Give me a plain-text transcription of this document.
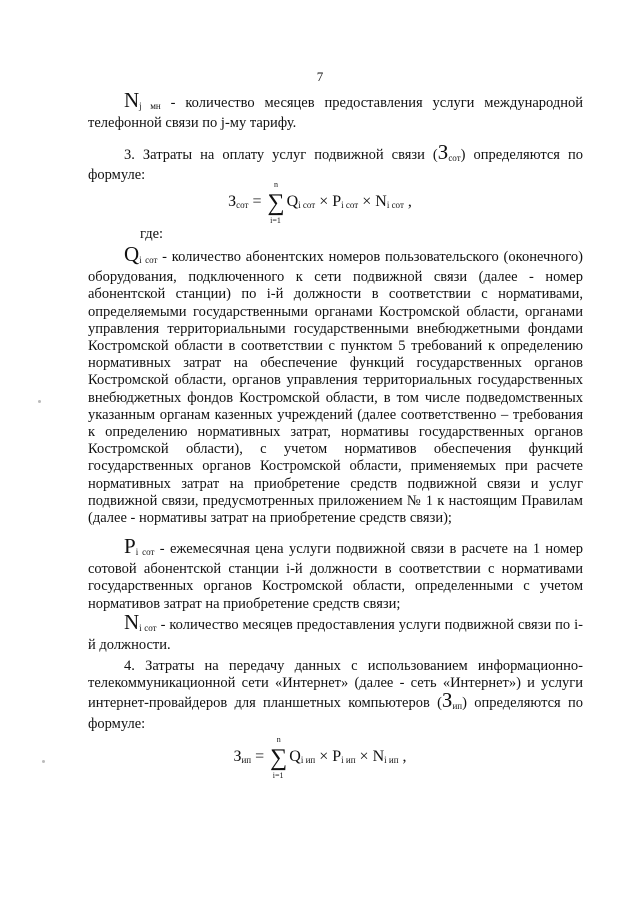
7
$N_{j мн}$ - количество месяцев предоставления услуги международной телефонной связи по j-му тарифу.
3. Затраты на оплату услуг подвижной связи $(З_{сот})$ определяются по формуле:
$З_{сот}$ = ∑
n
i=1
$Q_{i сот} \times P_{i сот} \times N_{i сот}$ ,
где:
$Q_{i сот}$ - количество абонентских номеров пользовательского (оконечного) оборудования, подключенного к сети подвижной связи (далее - номер абонентской станции) по i-й должности в соответствии с нормативами, определяемыми государственными органами Костромской области, органами управления территориальными государственными внебюджетными фондами Костромской области в соответствии с пунктом 5 требований к определению нормативных затрат на обеспечение функций государственных органов Костромской области, органов управления территориальных государственных внебюджетных фондов Костромской области, в том числе подведомственных указанным органам казенных учреждений (далее соответственно – требования к определению нормативных затрат, нормативы государственных органов Костромской области), с учетом нормативов обеспечения функций государственных органов Костромской области, применяемых при расчете нормативных затрат на приобретение средств подвижной связи и услуг подвижной связи, предусмотренных приложением № 1 к настоящим Правилам (далее - нормативы затрат на приобретение средств связи);
$P_{i сот}$ - ежемесячная цена услуги подвижной связи в расчете на 1 номер сотовой абонентской станции i-й должности в соответствии с нормативами государственных органов Костромской области, определенными с учетом нормативов затрат на приобретение средств связи;
$N_{i сот}$ - количество месяцев предоставления услуги подвижной связи по i-й должности.
4. Затраты на передачу данных с использованием информационно-телекоммуникационной сети «Интернет» (далее - сеть «Интернет») и услуги интернет-провайдеров для планшетных компьютеров $(З_{ип})$ определяются по формуле:
$З_{ип}$ = ∑
n
i=1
$Q_{i ип} \times P_{i ип} \times N_{i ип}$ ,
